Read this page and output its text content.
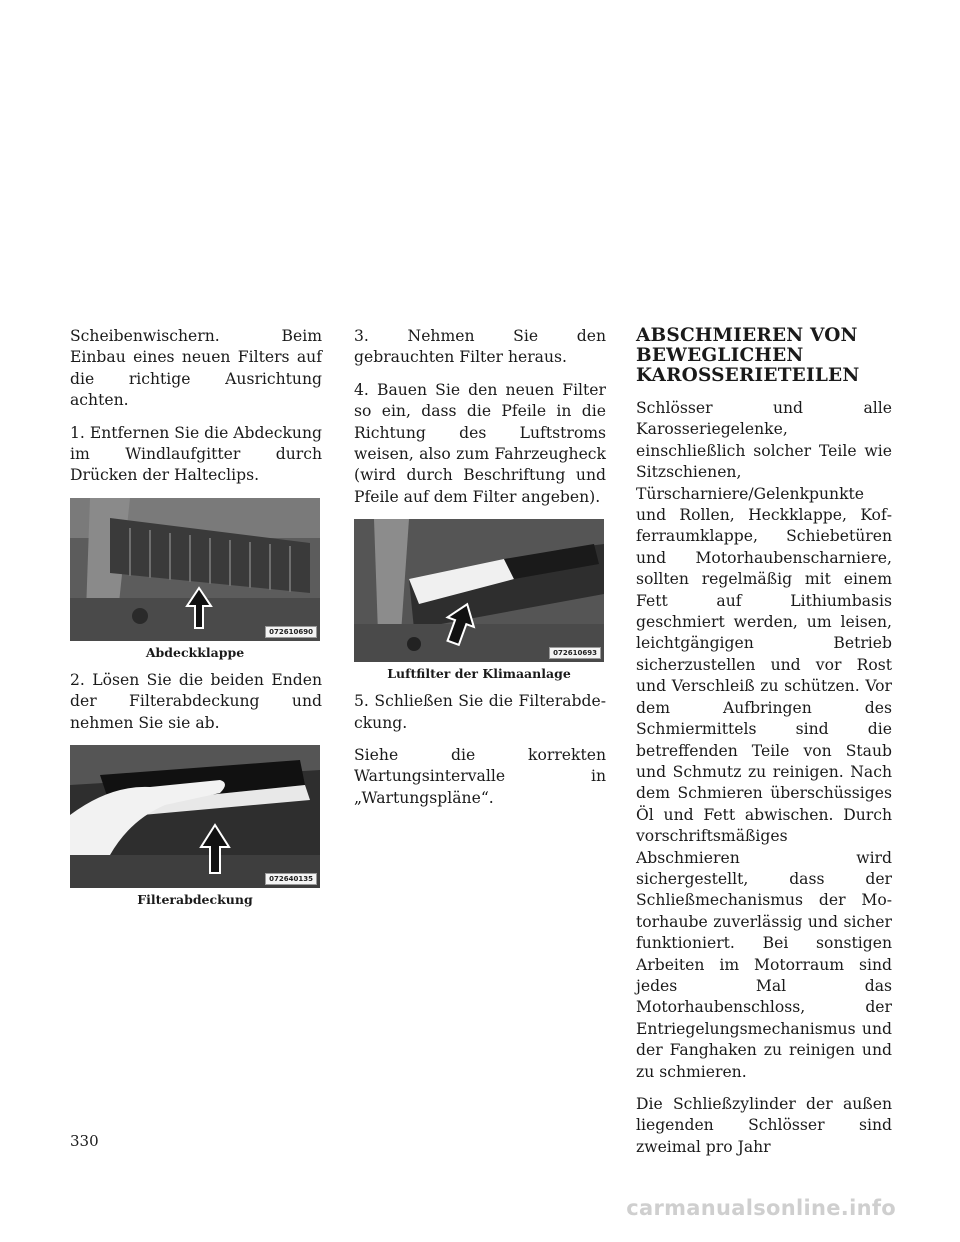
Scheibenwischern. Beim Einbau eines neuen Filters auf die richtige Ausrichtung achten.

1. Entfernen Sie die Abdeckung im Windlaufgitter durch Drücken der Halteclips.

072610690
Abdeckklappe

2. Lösen Sie die beiden Enden der Filterabdeckung und nehmen Sie sie ab.

072640135
Filterabdeckung

3. Nehmen Sie den gebrauchten Filter heraus.

4. Bauen Sie den neuen Filter so ein, dass die Pfeile in die Richtung des Luftstroms weisen, also zum Fahrzeugheck (wird durch Beschriftung und Pfeile auf dem Filter angeben).

072610693
Luftfilter der Klimaanlage

5. Schließen Sie die Filterabdeckung.

Siehe die korrekten Wartungsintervalle in „Wartungspläne“.

ABSCHMIEREN VON
BEWEGLICHEN
KAROSSERIETEILEN

Schlösser und alle Karosseriegelenke, einschließlich solcher Teile wie Sitzschienen, Türscharniere/Gelenkpunkte und Rollen, Heckklappe, Kofferraumklappe, Schiebetüren und Motorhaubenscharniere, sollten regelmäßig mit einem Fett auf Lithiumbasis geschmiert werden, um leisen, leichtgängigen Betrieb sicherzustellen und vor Rost und Verschleiß zu schützen. Vor dem Aufbringen des Schmiermittels sind die betreffenden Teile von Staub und Schmutz zu reinigen. Nach dem Schmieren überschüssiges Öl und Fett abwischen. Durch vorschriftsmäßiges Abschmieren wird sichergestellt, dass der Schließmechanismus der Motorhaube zuverlässig und sicher funktioniert. Bei sonstigen Arbeiten im Motorraum sind jedes Mal das Motorhaubenschloss, der Entriegelungsmechanismus und der Fanghaken zu reinigen und zu schmieren.

Die Schließzylinder der außen liegenden Schlösser sind zweimal pro Jahr

330
carmanualsonline.info
